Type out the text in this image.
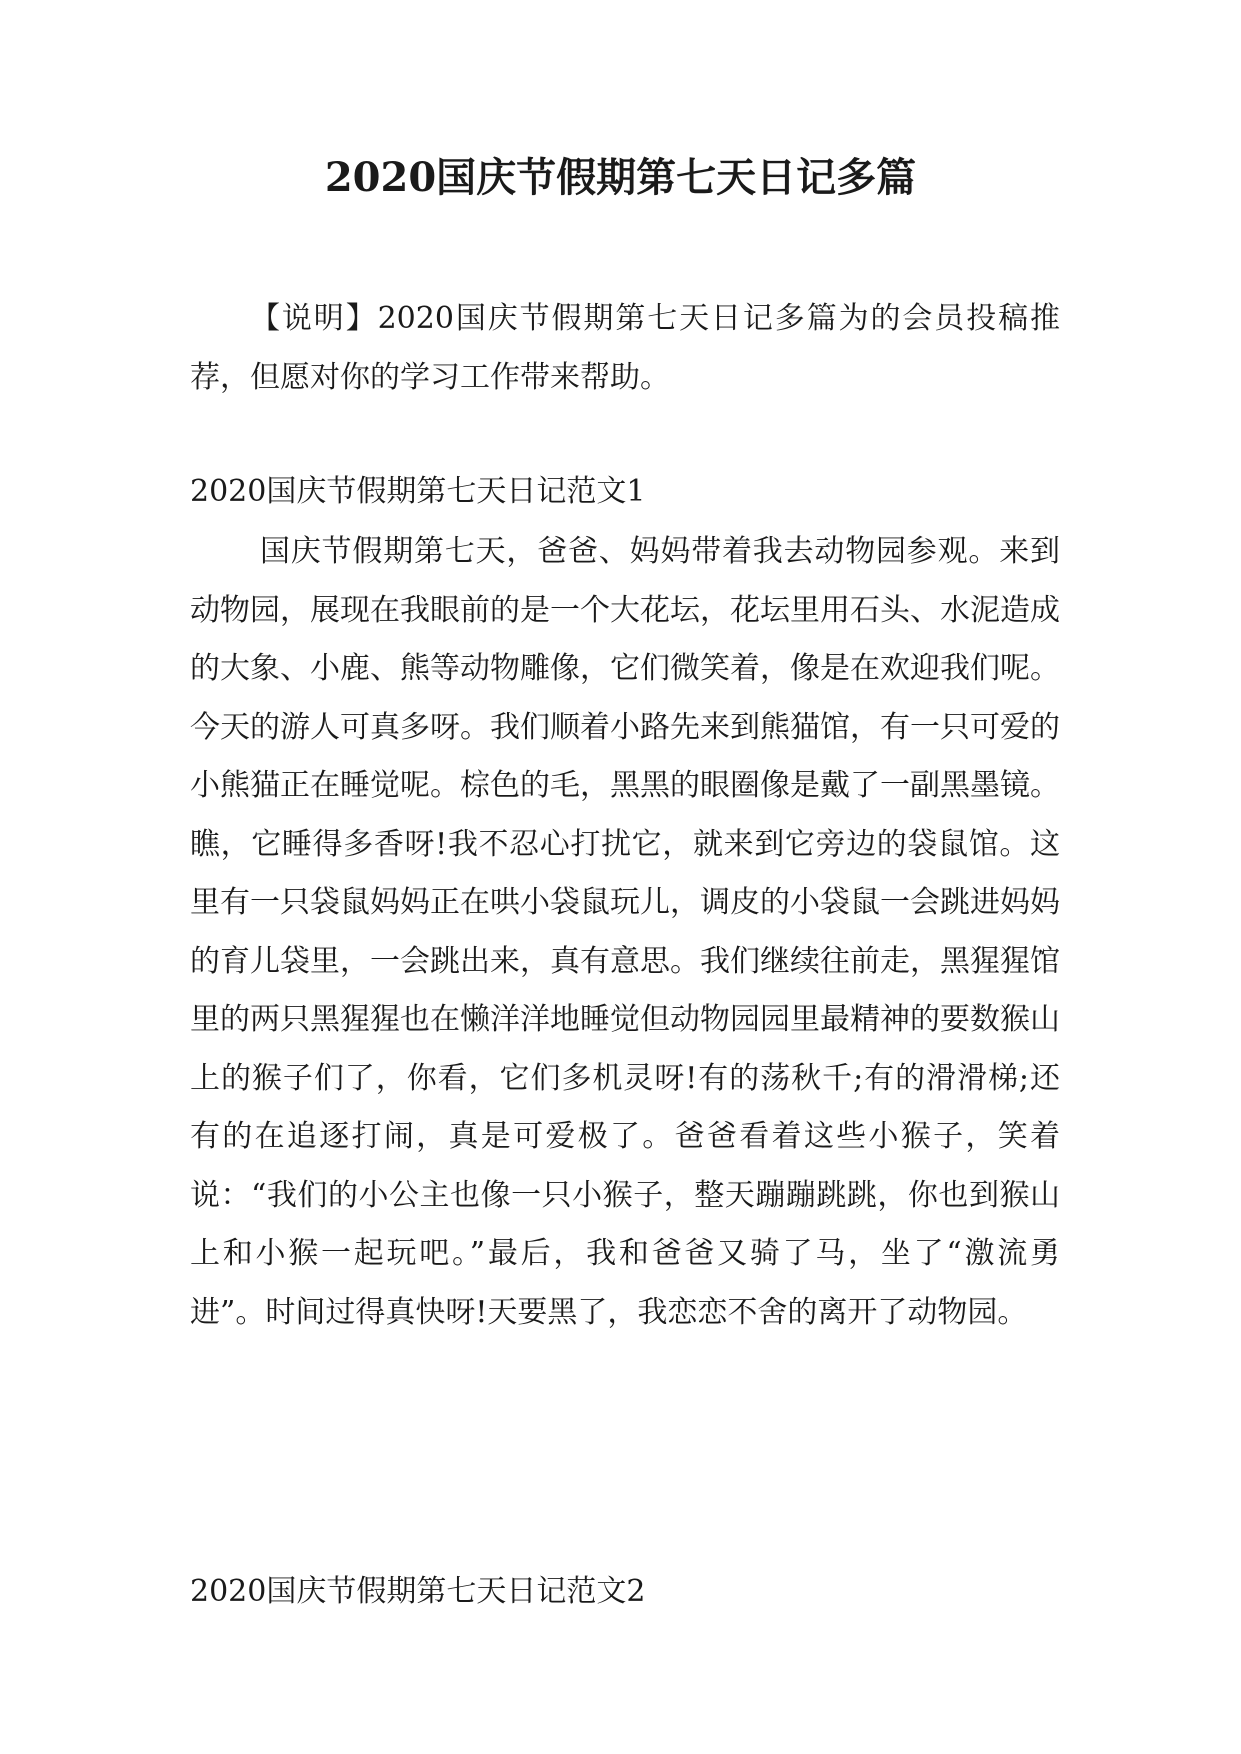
2020国庆节假期第七天日记多篇

【说明】2020国庆节假期第七天日记多篇为的会员投稿推荐，但愿对你的学习工作带来帮助。

2020国庆节假期第七天日记范文1

国庆节假期第七天，爸爸、妈妈带着我去动物园参观。来到动物园，展现在我眼前的是一个大花坛，花坛里用石头、水泥造成的大象、小鹿、熊等动物雕像，它们微笑着，像是在欢迎我们呢。今天的游人可真多呀。我们顺着小路先来到熊猫馆，有一只可爱的小熊猫正在睡觉呢。棕色的毛，黑黑的眼圈像是戴了一副黑墨镜。瞧，它睡得多香呀!我不忍心打扰它，就来到它旁边的袋鼠馆。这里有一只袋鼠妈妈正在哄小袋鼠玩儿，调皮的小袋鼠一会跳进妈妈的育儿袋里，一会跳出来，真有意思。我们继续往前走，黑猩猩馆里的两只黑猩猩也在懒洋洋地睡觉但动物园园里最精神的要数猴山上的猴子们了，你看，它们多机灵呀!有的荡秋千;有的滑滑梯;还有的在追逐打闹，真是可爱极了。爸爸看着这些小猴子，笑着说：“我们的小公主也像一只小猴子，整天蹦蹦跳跳，你也到猴山上和小猴一起玩吧。”最后，我和爸爸又骑了马，坐了“激流勇进”。时间过得真快呀!天要黑了，我恋恋不舍的离开了动物园。

2020国庆节假期第七天日记范文2
